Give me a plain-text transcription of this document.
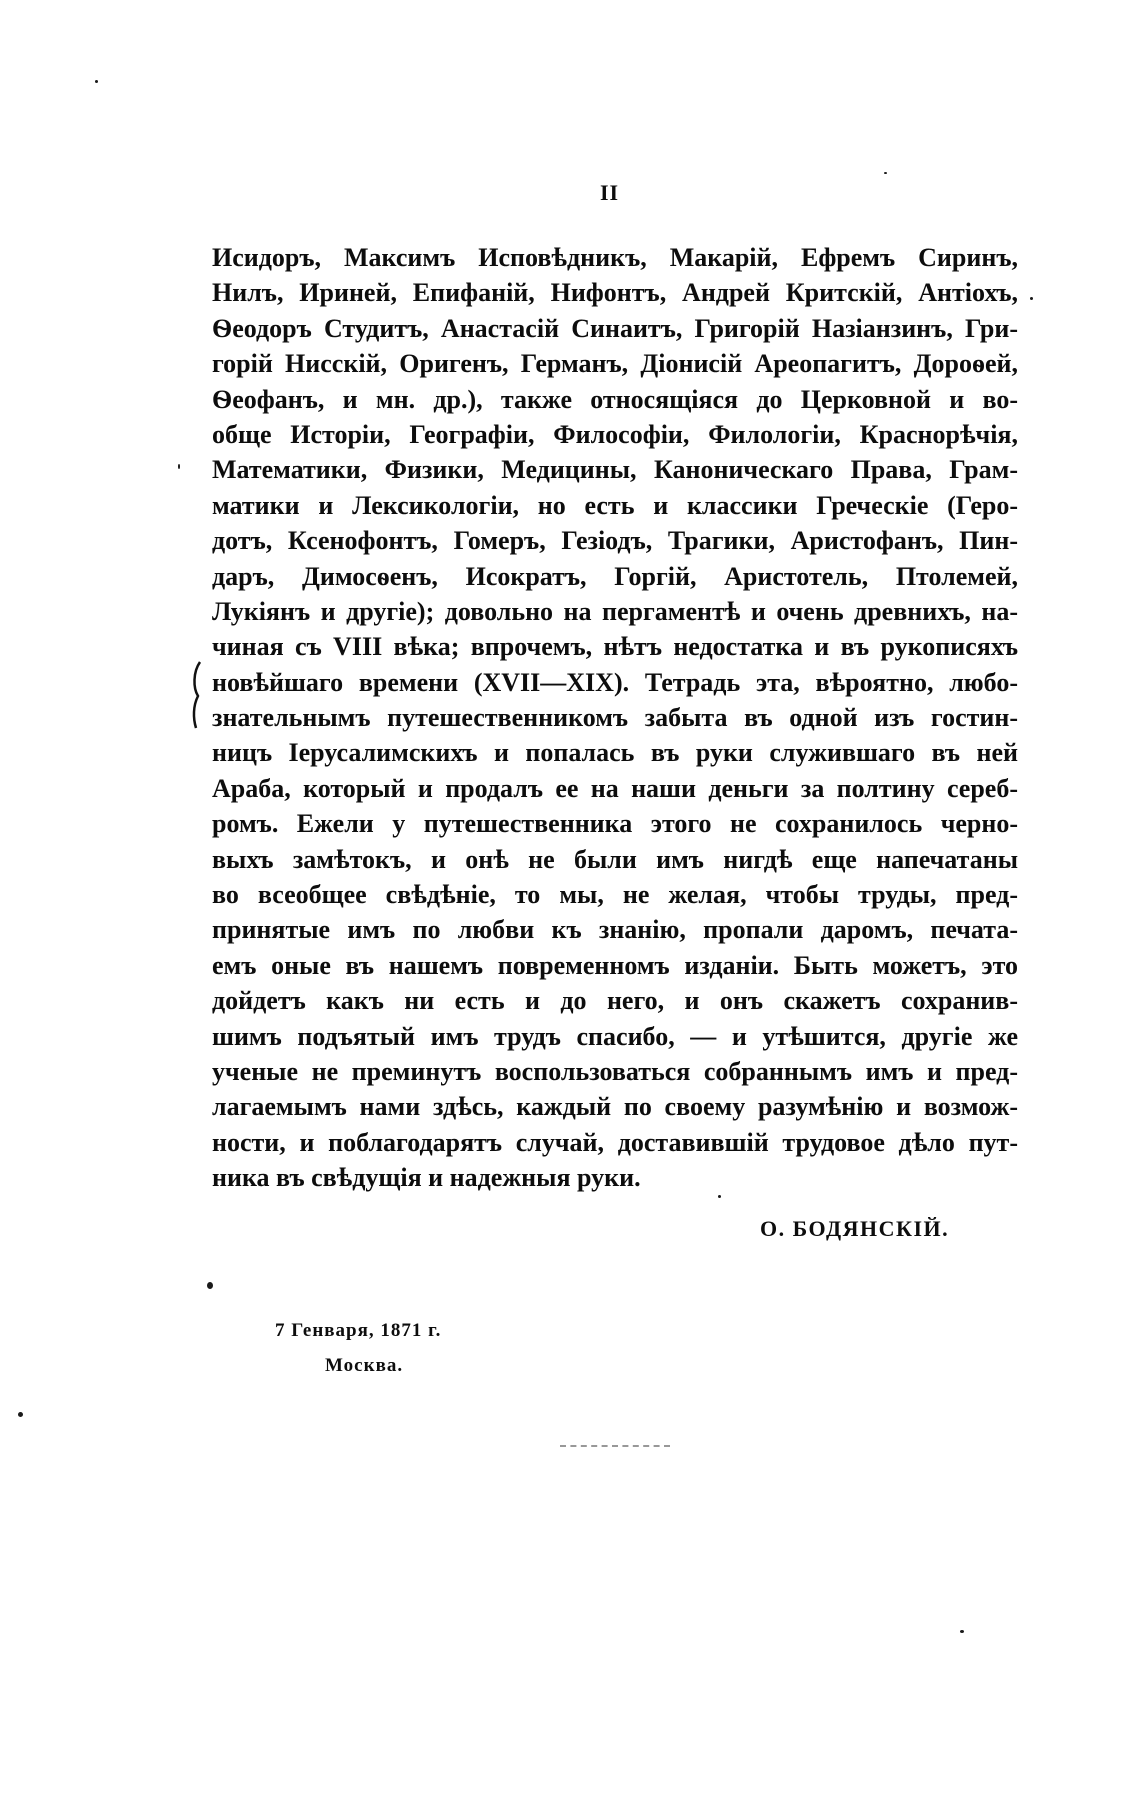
II
Исидоръ, Максимъ Исповѣдникъ, Макарій, Ефремъ Сиринъ,
Нилъ, Ириней, Епифаній, Нифонтъ, Андрей Критскій, Антіохъ,
Ѳеодоръ Студитъ, Анастасій Синаитъ, Григорій Назіанзинъ, Гри-
горій Нисскій, Оригенъ, Германъ, Діонисій Ареопагитъ, Дороѳей,
Ѳеофанъ, и мн. др.), также относящіяся до Церковной и во-
обще Исторіи, Географіи, Философіи, Филологіи, Краснорѣчія,
Математики, Физики, Медицины, Каноническаго Права, Грам-
матики и Лексикологіи, но есть и классики Греческіе (Геро-
дотъ, Ксенофонтъ, Гомеръ, Гезіодъ, Трагики, Аристофанъ, Пин-
даръ, Димосѳенъ, Исократъ, Горгій, Аристотель, Птолемей,
Лукіянъ и другіе); довольно на пергаментѣ и очень древнихъ, на-
чиная съ VIII вѣка; впрочемъ, нѣтъ недостатка и въ рукописяхъ
новѣйшаго времени (XVII—XIX). Тетрадь эта, вѣроятно, любо-
знательнымъ путешественникомъ забыта въ одной изъ гостин-
ницъ Іерусалимскихъ и попалась въ руки служившаго въ ней
Араба, который и продалъ ее на наши деньги за полтину сереб-
ромъ. Ежели у путешественника этого не сохранилось черно-
выхъ замѣтокъ, и онѣ не были имъ нигдѣ еще напечатаны
во всеобщее свѣдѣніе, то мы, не желая, чтобы труды, пред-
принятые имъ по любви къ знанію, пропали даромъ, печата-
емъ оные въ нашемъ повременномъ изданіи. Быть можетъ, это
дойдетъ какъ ни есть и до него, и онъ скажетъ сохранив-
шимъ подъятый имъ трудъ спасибо, — и утѣшится, другіе же
ученые не преминутъ воспользоваться собраннымъ имъ и пред-
лагаемымъ нами здѣсь, каждый по своему разумѣнію и возмож-
ности, и поблагодарятъ случай, доставившій трудовое дѣло пут-
ника въ свѣдущія и надежныя руки.
О. БОДЯНСКІЙ.
7 Генваря, 1871 г.
Москва.
